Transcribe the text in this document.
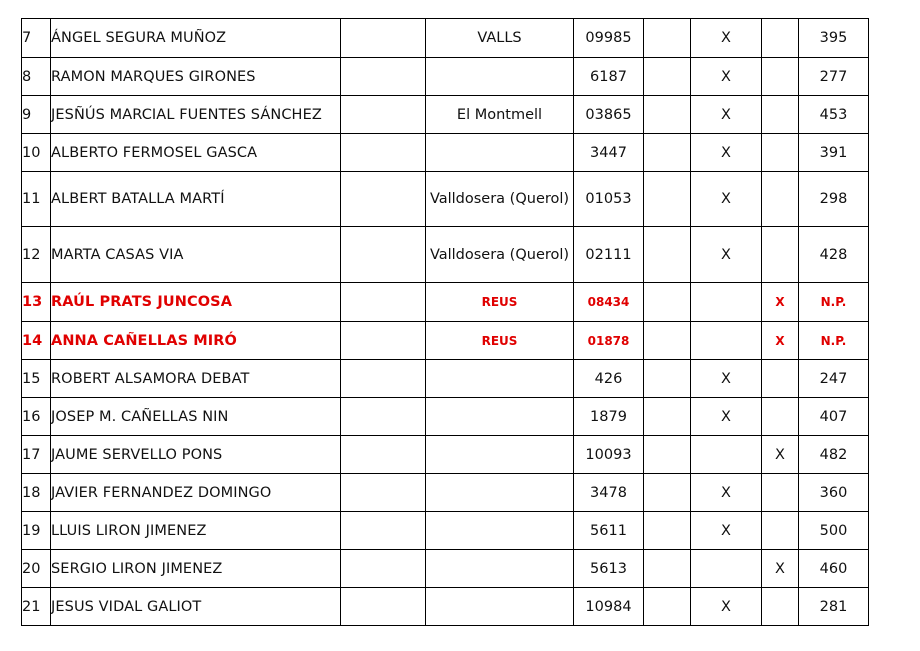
7	ÁNGEL SEGURA MUÑOZ		VALLS	09985		X		395
8	RAMON MARQUES GIRONES			6187		X		277
9	JESÑÚS MARCIAL FUENTES SÁNCHEZ		El Montmell	03865		X		453
10	ALBERTO FERMOSEL GASCA			3447		X		391
11	ALBERT BATALLA MARTÍ		Valldosera (Querol)	01053		X		298
12	MARTA CASAS VIA		Valldosera (Querol)	02111		X		428
13	RAÚL PRATS JUNCOSA		REUS	08434			X	N.P.
14	ANNA CAÑELLAS MIRÓ		REUS	01878			X	N.P.
15	ROBERT ALSAMORA DEBAT			426		X		247
16	JOSEP M. CAÑELLAS NIN			1879		X		407
17	JAUME SERVELLO PONS			10093			X	482
18	JAVIER FERNANDEZ DOMINGO			3478		X		360
19	LLUIS LIRON JIMENEZ			5611		X		500
20	SERGIO LIRON JIMENEZ			5613			X	460
21	JESUS VIDAL GALIOT			10984		X		281
